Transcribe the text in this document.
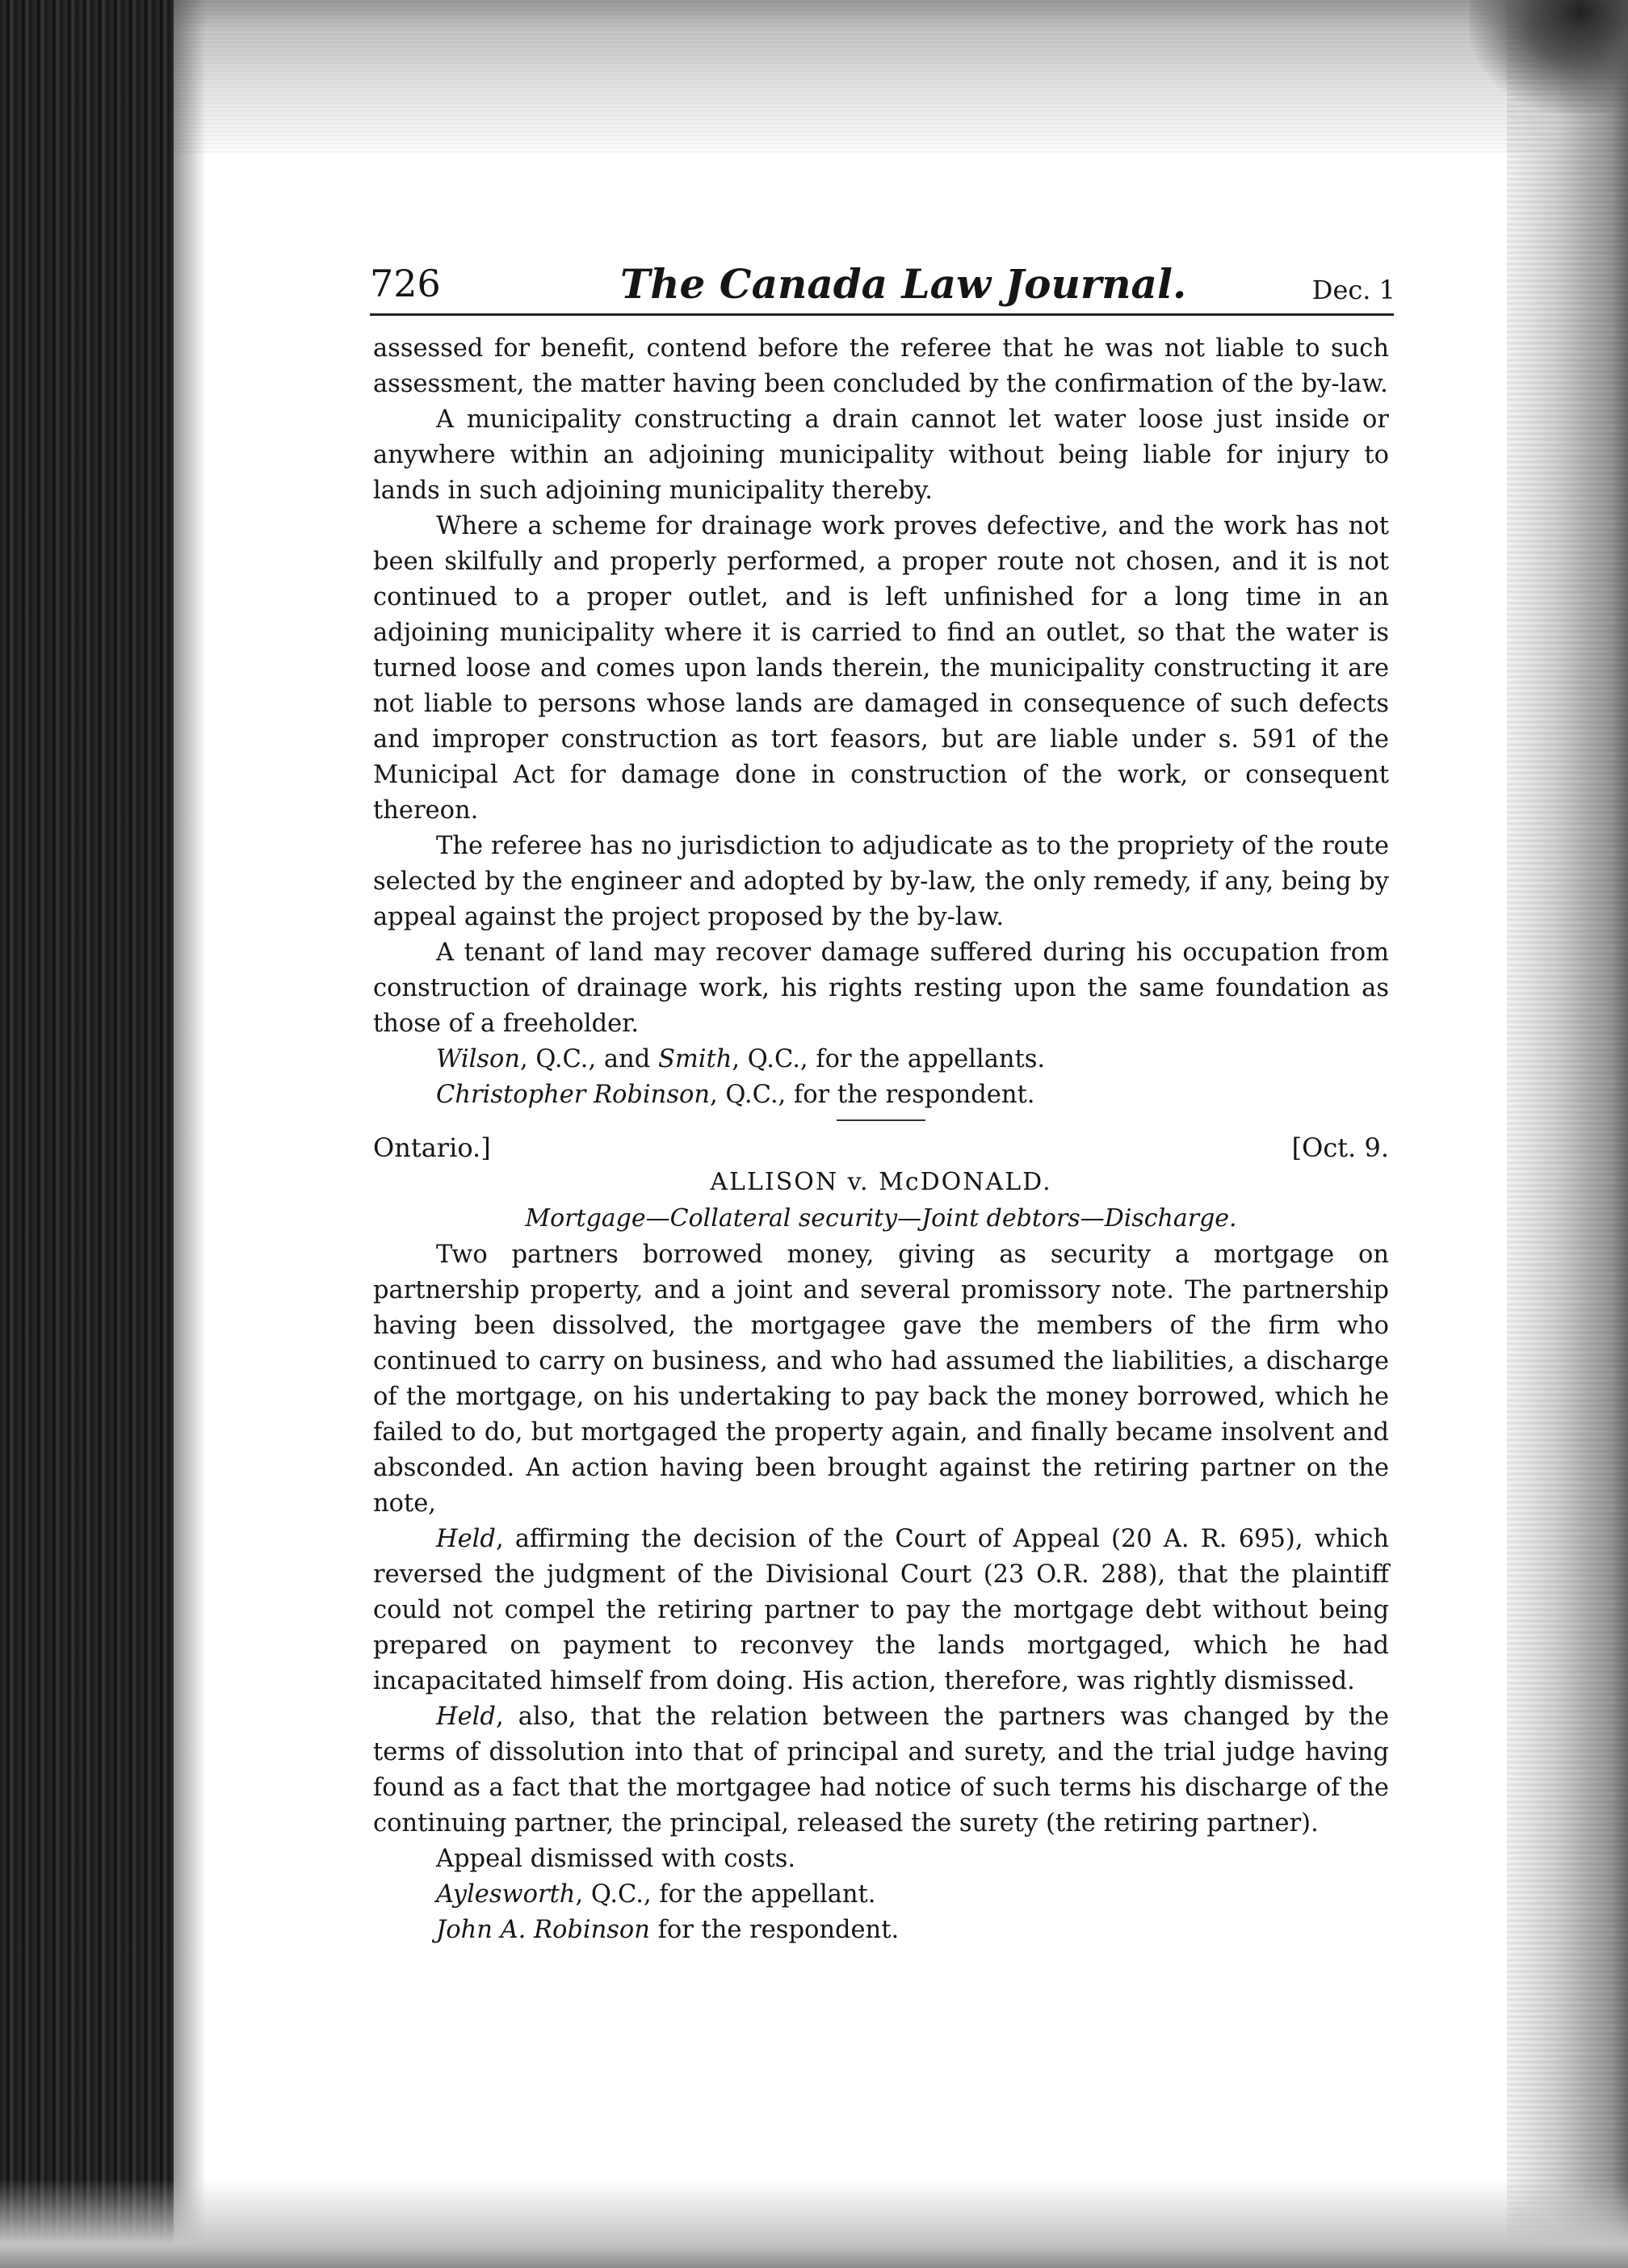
726	The Canada Law Journal.	Dec. 1

assessed for benefit, contend before the referee that he was not liable to such assessment, the matter having been concluded by the confirmation of the by-law.

A municipality constructing a drain cannot let water loose just inside or anywhere within an adjoining municipality without being liable for injury to lands in such adjoining municipality thereby.

Where a scheme for drainage work proves defective, and the work has not been skilfully and properly performed, a proper route not chosen, and it is not continued to a proper outlet, and is left unfinished for a long time in an adjoining municipality where it is carried to find an outlet, so that the water is turned loose and comes upon lands therein, the municipality constructing it are not liable to persons whose lands are damaged in consequence of such defects and improper construction as tort feasors, but are liable under s. 591 of the Municipal Act for damage done in construction of the work, or consequent thereon.

The referee has no jurisdiction to adjudicate as to the propriety of the route selected by the engineer and adopted by by-law, the only remedy, if any, being by appeal against the project proposed by the by-law.

A tenant of land may recover damage suffered during his occupation from construction of drainage work, his rights resting upon the same foundation as those of a freeholder.

Wilson, Q.C., and Smith, Q.C., for the appellants.

Christopher Robinson, Q.C., for the respondent.

Ontario.]	[Oct. 9.
ALLISON v. McDONALD.
Mortgage—Collateral security—Joint debtors—Discharge.

Two partners borrowed money, giving as security a mortgage on partnership property, and a joint and several promissory note. The partnership having been dissolved, the mortgagee gave the members of the firm who continued to carry on business, and who had assumed the liabilities, a discharge of the mortgage, on his undertaking to pay back the money borrowed, which he failed to do, but mortgaged the property again, and finally became insolvent and absconded. An action having been brought against the retiring partner on the note,

Held, affirming the decision of the Court of Appeal (20 A. R. 695), which reversed the judgment of the Divisional Court (23 O.R. 288), that the plaintiff could not compel the retiring partner to pay the mortgage debt without being prepared on payment to reconvey the lands mortgaged, which he had incapacitated himself from doing. His action, therefore, was rightly dismissed.

Held, also, that the relation between the partners was changed by the terms of dissolution into that of principal and surety, and the trial judge having found as a fact that the mortgagee had notice of such terms his discharge of the continuing partner, the principal, released the surety (the retiring partner).

Appeal dismissed with costs.

Aylesworth, Q.C., for the appellant.

John A. Robinson for the respondent.
